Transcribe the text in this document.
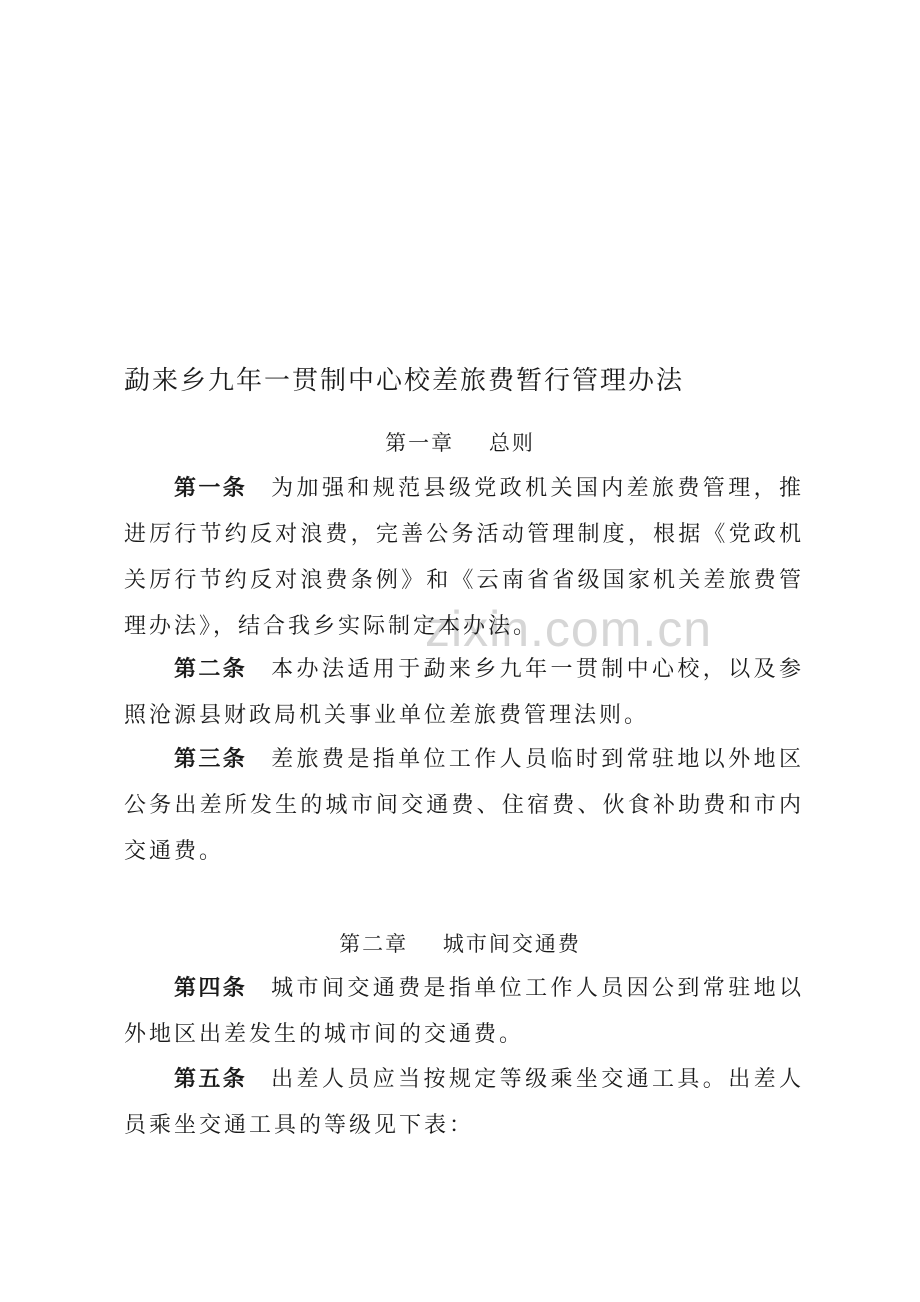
zixin.com.cn
勐来乡九年一贯制中心校差旅费暂行管理办法
第一章    总则

第一条 为加强和规范县级党政机关国内差旅费管理，推进厉行节约反对浪费，完善公务活动管理制度，根据《党政机关厉行节约反对浪费条例》和《云南省省级国家机关差旅费管理办法》，结合我乡实际制定本办法。

第二条 本办法适用于勐来乡九年一贯制中心校，以及参照沧源县财政局机关事业单位差旅费管理法则。

第三条 差旅费是指单位工作人员临时到常驻地以外地区公务出差所发生的城市间交通费、住宿费、伙食补助费和市内交通费。

第二章    城市间交通费

第四条 城市间交通费是指单位工作人员因公到常驻地以外地区出差发生的城市间的交通费。

第五条 出差人员应当按规定等级乘坐交通工具。出差人员乘坐交通工具的等级见下表：
